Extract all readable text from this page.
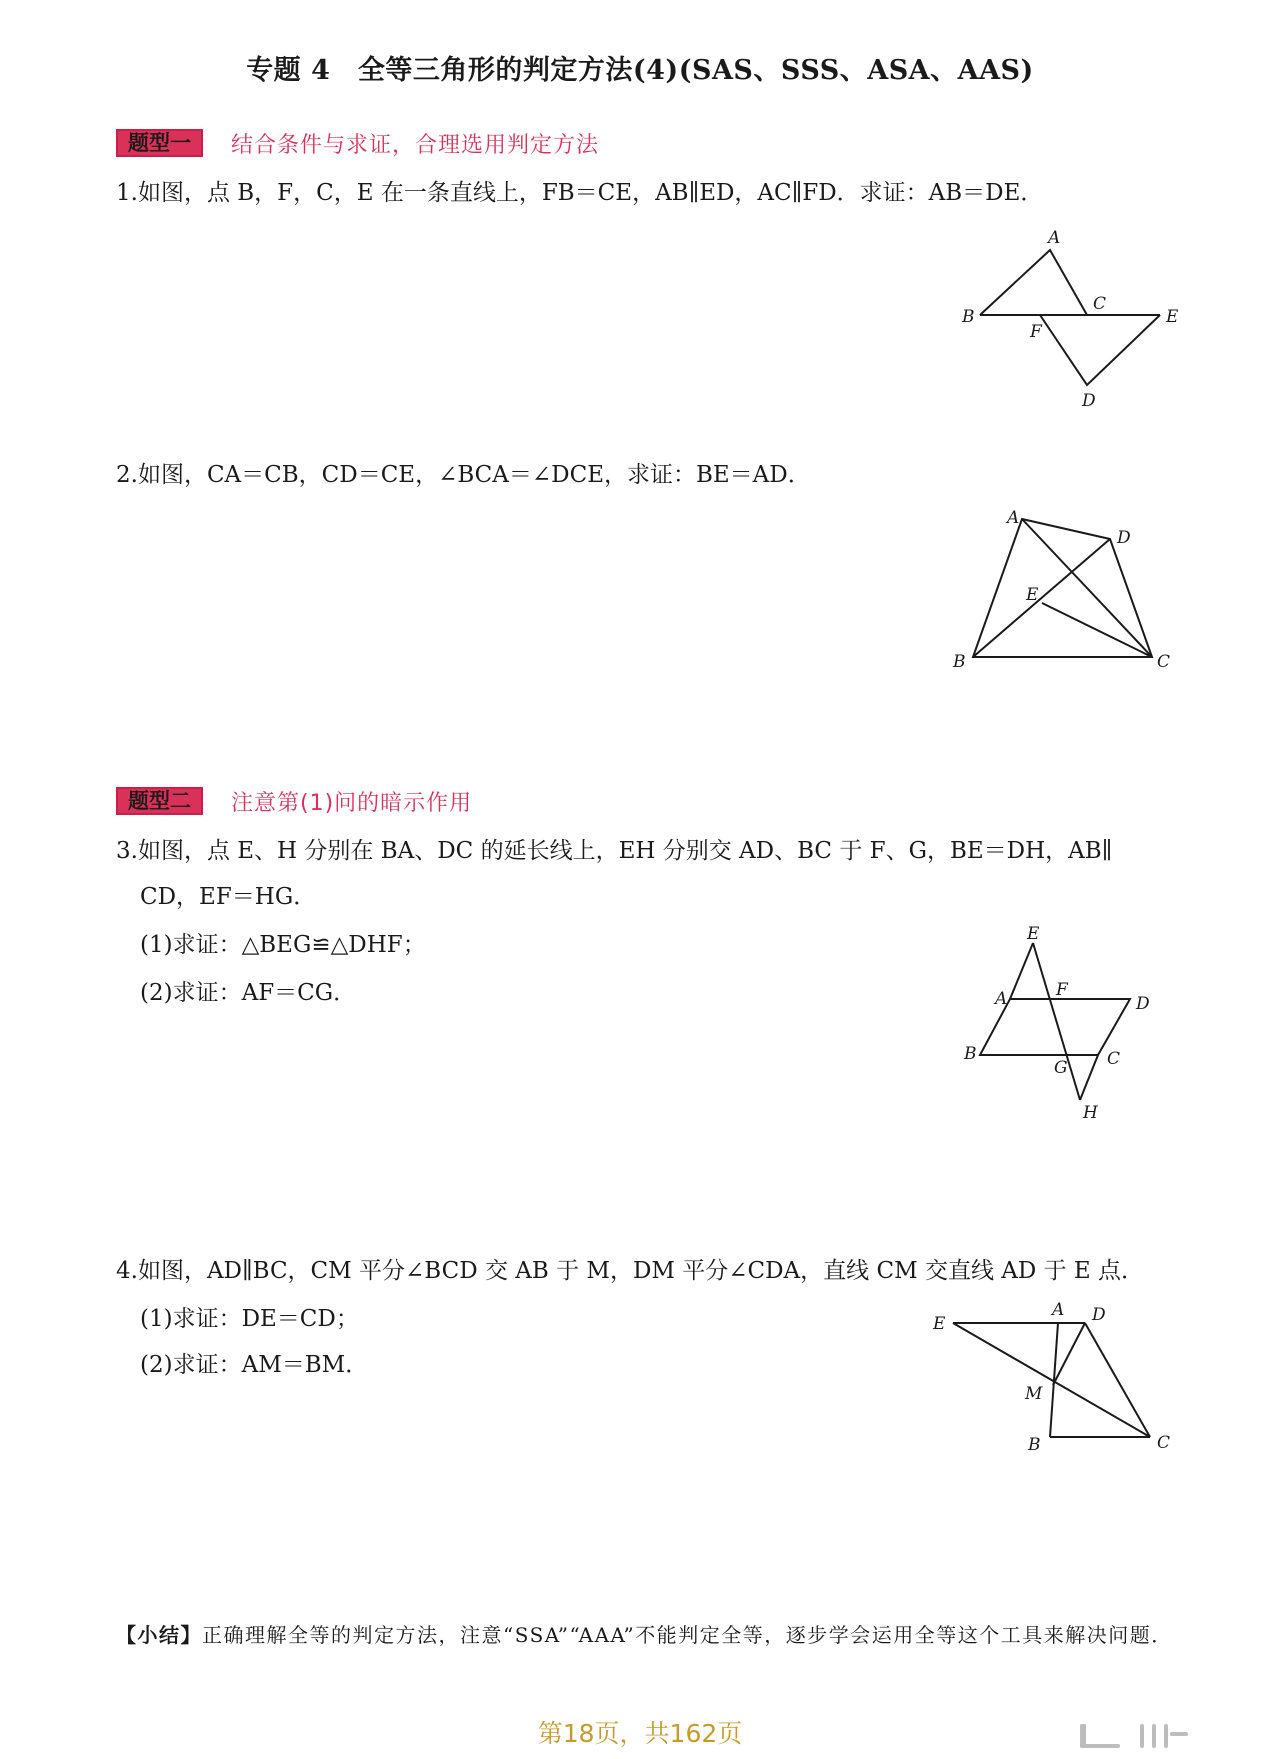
专题 4　全等三角形的判定方法(4)(SAS、SSS、ASA、AAS)
题型一	结合条件与求证，合理选用判定方法
1.如图，点 B，F，C，E 在一条直线上，FB＝CE，AB∥ED，AC∥FD．求证：AB＝DE．
A
B
C
E
F
D
2.如图，CA＝CB，CD＝CE，∠BCA＝∠DCE，求证：BE＝AD．
A
D
E
B	C
题型二	注意第(1)问的暗示作用
3.如图，点 E、H 分别在 BA、DC 的延长线上，EH 分别交 AD、BC 于 F、G，BE＝DH，AB∥
CD，EF＝HG．
(1)求证：△BEG≌△DHF；
(2)求证：AF＝CG．
E
A	F
D
B
G C
H
4.如图，AD∥BC，CM 平分∠BCD 交 AB 于 M，DM 平分∠CDA，直线 CM 交直线 AD 于 E 点．
(1)求证：DE＝CD；
(2)求证：AM＝BM．
E
A D
M
B	C
【小结】正确理解全等的判定方法，注意“SSA”“AAA”不能判定全等，逐步学会运用全等这个工具来解决问题．
第18页，共162页
